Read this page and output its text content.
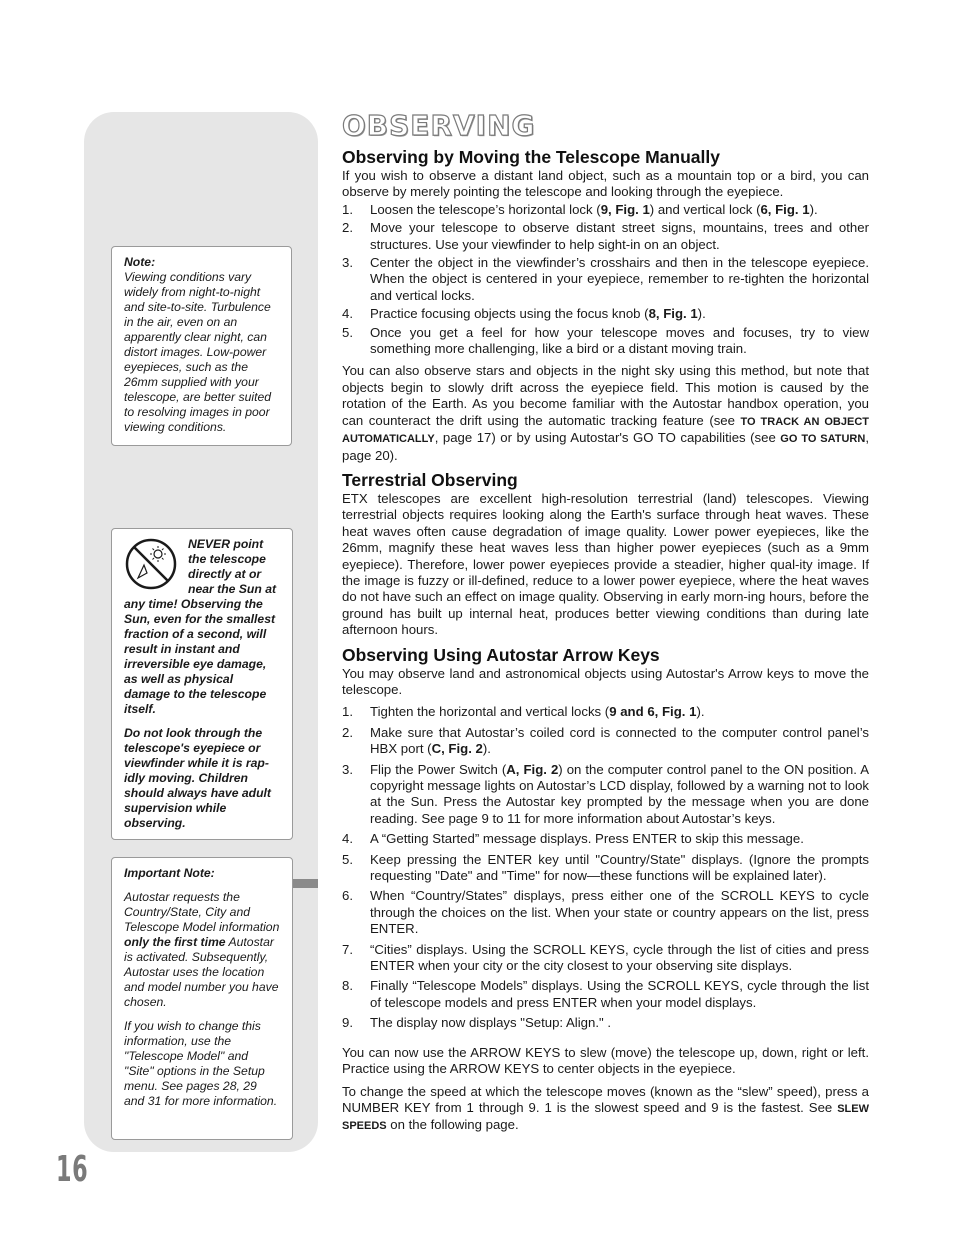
Note:

Viewing conditions vary widely from night-to-night and site-to-site. Turbulence in the air, even on an apparently clear night, can distort images. Low-power eyepieces, such as the 26mm supplied with your telescope, are better suited to resolving images in poor viewing conditions.

NEVER point the telescope directly at or near the Sun at any time! Observing the Sun, even for the smallest fraction of a second, will result in instant and irreversible eye damage, as well as physical damage to the telescope itself.

Do not look through the telescope's eyepiece or viewfinder while it is rap-idly moving. Children should always have adult supervision while observing.

Important Note:

Autostar requests the Country/State, City and Telescope Model information only the first time Autostar is activated. Subsequently, Autostar uses the location and model number you have chosen.

If you wish to change this information, use the "Telescope Model" and "Site" options in the Setup menu. See pages 28, 29 and 31 for more information.

16
OBSERVING
Observing by Moving the Telescope Manually

If you wish to observe a distant land object, such as a mountain top or a bird, you can observe by merely pointing the telescope and looking through the eyepiece.

1. Loosen the telescope’s horizontal lock (9, Fig. 1) and vertical lock (6, Fig. 1).
2. Move your telescope to observe distant street signs, mountains, trees and other structures. Use your viewfinder to help sight-in on an object.
3. Center the object in the viewfinder’s crosshairs and then in the telescope eyepiece. When the object is centered in your eyepiece, remember to re-tighten the horizontal and vertical locks.
4. Practice focusing objects using the focus knob (8, Fig. 1).
5. Once you get a feel for how your telescope moves and focuses, try to view something more challenging, like a bird or a distant moving train.

You can also observe stars and objects in the night sky using this method, but note that objects begin to slowly drift across the eyepiece field. This motion is caused by the rotation of the Earth. As you become familiar with the Autostar handbox operation, you can counteract the drift using the automatic tracking feature (see TO TRACK AN OBJECT AUTOMATICALLY, page 17) or by using Autostar's GO TO capabilities (see GO TO SATURN, page 20).

Terrestrial Observing

ETX telescopes are excellent high-resolution terrestrial (land) telescopes. Viewing terrestrial objects requires looking along the Earth's surface through heat waves. These heat waves often cause degradation of image quality. Lower power eyepieces, like the 26mm, magnify these heat waves less than higher power eyepieces (such as a 9mm eyepiece). Therefore, lower power eyepieces provide a steadier, higher qual-ity image. If the image is fuzzy or ill-defined, reduce to a lower power eyepiece, where the heat waves do not have such an effect on image quality. Observing in early morn-ing hours, before the ground has built up internal heat, produces better viewing conditions than during late afternoon hours.

Observing Using Autostar Arrow Keys

You may observe land and astronomical objects using Autostar's Arrow keys to move the telescope.

1. Tighten the horizontal and vertical locks (9 and 6, Fig. 1).
2. Make sure that Autostar’s coiled cord is connected to the computer control panel’s HBX port (C, Fig. 2).
3. Flip the Power Switch (A, Fig. 2) on the computer control panel to the ON position. A copyright message lights on Autostar’s LCD display, followed by a warning not to look at the Sun. Press the Autostar key prompted by the message when you are done reading. See page 9 to 11 for more information about Autostar’s keys.
4. A “Getting Started” message displays. Press ENTER to skip this message.
5. Keep pressing the ENTER key until "Country/State" displays. (Ignore the prompts requesting "Date" and "Time" for now—these functions will be explained later).
6. When “Country/States” displays, press either one of the SCROLL KEYS to cycle through the choices on the list. When your state or country appears on the list, press ENTER.
7. “Cities” displays. Using the SCROLL KEYS, cycle through the list of cities and press ENTER when your city or the city closest to your observing site displays.
8. Finally “Telescope Models” displays. Using the SCROLL KEYS, cycle through the list of telescope models and press ENTER when your model displays.
9. The display now displays "Setup: Align." .

You can now use the ARROW KEYS to slew (move) the telescope up, down, right or left. Practice using the ARROW KEYS to center objects in the eyepiece.

To change the speed at which the telescope moves (known as the “slew” speed), press a NUMBER KEY from 1 through 9. 1 is the slowest speed and 9 is the fastest. See SLEW SPEEDS on the following page.
